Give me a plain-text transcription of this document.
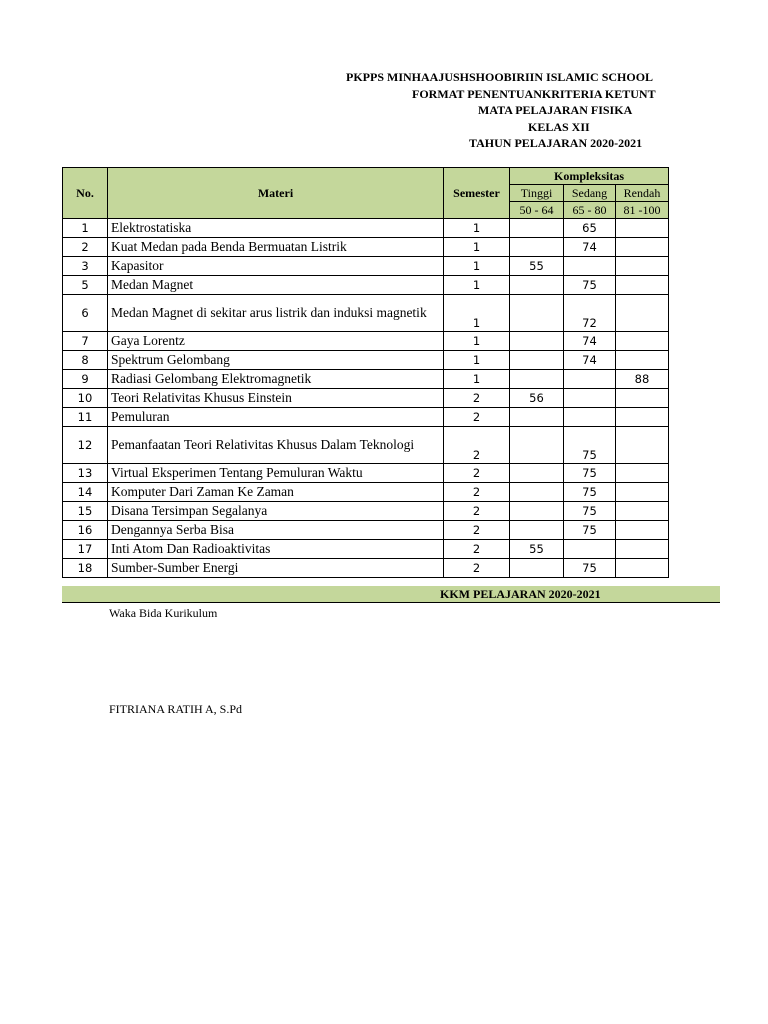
PKPPS MINHAAJUSHSHOOBIRIIN ISLAMIC SCHOOL
FORMAT PENENTUANKRITERIA KETUNT
MATA PELAJARAN FISIKA
KELAS XII
TAHUN PELAJARAN 2020-2021
No.	Materi	Semester	Kompleksitas		
			Tinggi	Sedang	Rendah
			50 - 64	65 - 80	81 -100
1	Elektrostatiska	1		65	
2	Kuat Medan pada Benda Bermuatan Listrik	1		74	
3	Kapasitor	1	55		
5	Medan Magnet	1		75	
6	Medan Magnet di sekitar arus listrik dan induksi magnetik	1		72	
7	Gaya Lorentz	1		74	
8	Spektrum Gelombang	1		74	
9	Radiasi Gelombang Elektromagnetik	1			88
10	Teori Relativitas Khusus Einstein	2	56		
11	Pemuluran	2			
12	Pemanfaatan Teori Relativitas Khusus Dalam Teknologi	2		75	
13	Virtual Eksperimen Tentang Pemuluran Waktu	2		75	
14	Komputer Dari Zaman Ke Zaman	2		75	
15	Disana Tersimpan Segalanya	2		75	
16	Dengannya Serba Bisa	2		75	
17	Inti Atom Dan Radioaktivitas	2	55		
18	Sumber-Sumber Energi	2		75	
KKM PELAJARAN 2020-2021
Waka Bida Kurikulum
FITRIANA RATIH A, S.Pd
